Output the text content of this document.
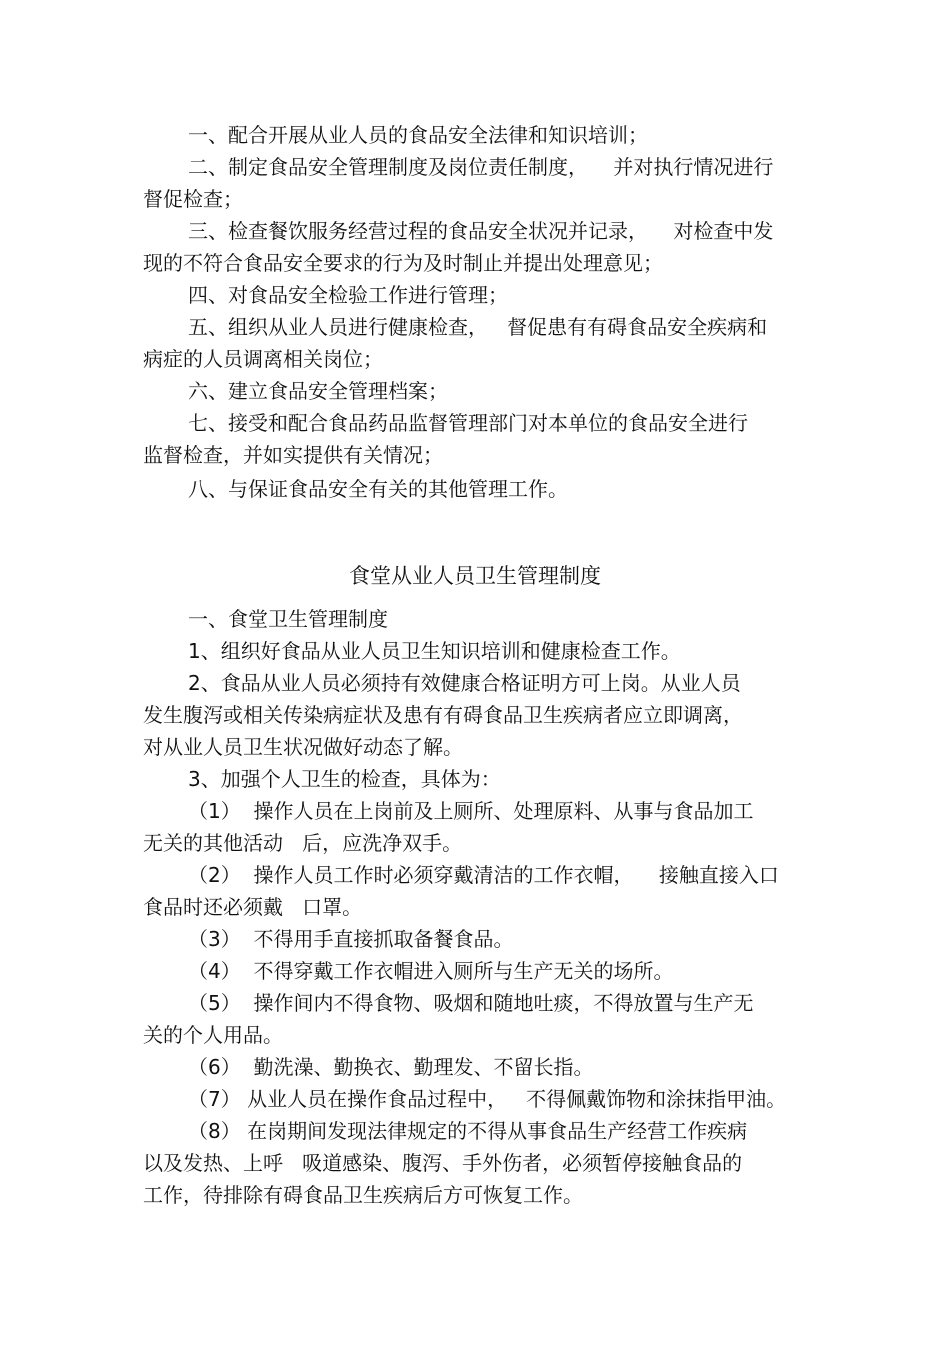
一、配合开展从业人员的食品安全法律和知识培训；
二、制定食品安全管理制度及岗位责任制度，    并对执行情况进行
督促检查；
三、检查餐饮服务经营过程的食品安全状况并记录，    对检查中发
现的不符合食品安全要求的行为及时制止并提出处理意见；
四、对食品安全检验工作进行管理；
五、组织从业人员进行健康检查，   督促患有有碍食品安全疾病和
病症的人员调离相关岗位；
六、建立食品安全管理档案；
七、接受和配合食品药品监督管理部门对本单位的食品安全进行
监督检查，并如实提供有关情况；
八、与保证食品安全有关的其他管理工作。
食堂从业人员卫生管理制度
一、食堂卫生管理制度
1、组织好食品从业人员卫生知识培训和健康检查工作。
2、食品从业人员必须持有效健康合格证明方可上岗。从业人员
发生腹泻或相关传染病症状及患有有碍食品卫生疾病者应立即调离，
对从业人员卫生状况做好动态了解。
3、加强个人卫生的检查，具体为：
（1）  操作人员在上岗前及上厕所、处理原料、从事与食品加工
无关的其他活动   后，应洗净双手。
（2）  操作人员工作时必须穿戴清洁的工作衣帽，    接触直接入口
食品时还必须戴   口罩。
（3）  不得用手直接抓取备餐食品。
（4）  不得穿戴工作衣帽进入厕所与生产无关的场所。
（5）  操作间内不得食物、吸烟和随地吐痰，不得放置与生产无
关的个人用品。
（6）  勤洗澡、勤换衣、勤理发、不留长指。
（7） 从业人员在操作食品过程中，   不得佩戴饰物和涂抹指甲油。
（8） 在岗期间发现法律规定的不得从事食品生产经营工作疾病
以及发热、上呼   吸道感染、腹泻、手外伤者，必须暂停接触食品的
工作，待排除有碍食品卫生疾病后方可恢复工作。
